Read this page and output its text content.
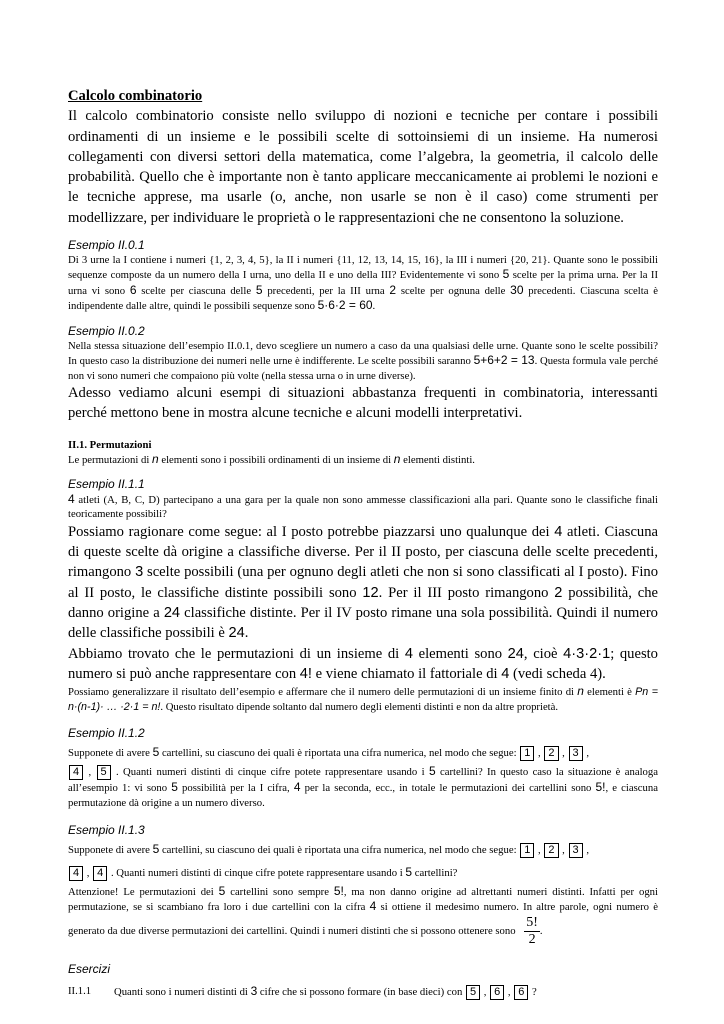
Calcolo combinatorio
Il calcolo combinatorio consiste nello sviluppo di nozioni e tecniche per contare i possibili ordinamenti di un insieme e le possibili scelte di sottoinsiemi di un insieme. Ha numerosi collegamenti con diversi settori della matematica, come l’algebra, la geometria, il calcolo delle probabilità. Quello che è importante non è tanto applicare meccanicamente ai problemi le nozioni e le tecniche apprese, ma usarle (o, anche, non usarle se non è il caso) come strumenti per modellizzare, per individuare le proprietà o le rappresentazioni che ne consentono la soluzione.

Esempio II.0.1

Di 3 urne la I contiene i numeri {1, 2, 3, 4, 5}, la II i numeri {11, 12, 13, 14, 15, 16}, la III i numeri {20, 21}. Quante sono le possibili sequenze composte da un numero della I urna, uno della II e uno della III? Evidentemente vi sono 5 scelte per la prima urna. Per la II urna vi sono 6 scelte per ciascuna delle 5 precedenti, per la III urna 2 scelte per ognuna delle 30 precedenti. Ciascuna scelta è indipendente dalle altre, quindi le possibili sequenze sono 5·6·2 = 60.

Esempio II.0.2

Nella stessa situazione dell’esempio II.0.1, devo scegliere un numero a caso da una qualsiasi delle urne. Quante sono le scelte possibili? In questo caso la distribuzione dei numeri nelle urne è indifferente. Le scelte possibili saranno 5+6+2 = 13. Questa formula vale perché non vi sono numeri che compaiono più volte (nella stessa urna o in urne diverse).

Adesso vediamo alcuni esempi di situazioni abbastanza frequenti in combinatoria, interessanti perché mettono bene in mostra alcune tecniche e alcuni modelli interpretativi.

II.1. Permutazioni

Le permutazioni di n elementi sono i possibili ordinamenti di un insieme di n elementi distinti.

Esempio II.1.1

4 atleti (A, B, C, D) partecipano a una gara per la quale non sono ammesse classificazioni alla pari. Quante sono le classifiche finali teoricamente possibili?

Possiamo ragionare come segue: al I posto potrebbe piazzarsi uno qualunque dei 4 atleti. Ciascuna di queste scelte dà origine a classifiche diverse. Per il II posto, per ciascuna delle scelte precedenti, rimangono 3 scelte possibili (una per ognuno degli atleti che non si sono classificati al I posto). Fino al II posto, le classifiche distinte possibili sono 12. Per il III posto rimangono 2 possibilità, che danno origine a 24 classifiche distinte. Per il IV posto rimane una sola possibilità. Quindi il numero delle classifiche possibili è 24.

Abbiamo trovato che le permutazioni di un insieme di 4 elementi sono 24, cioè 4·3·2·1; questo numero si può anche rappresentare con 4! e viene chiamato il fattoriale di 4 (vedi scheda 4).

Possiamo generalizzare il risultato dell’esempio e affermare che il numero delle permutazioni di un insieme finito di n elementi è Pn = n·(n-1)· … ·2·1 = n!. Questo risultato dipende soltanto dal numero degli elementi distinti e non da altre proprietà.

Esempio II.1.2

Supponete di avere 5 cartellini, su ciascuno dei quali è riportata una cifra numerica, nel modo che segue: 1 , 2 , 3 ,

4 , 5 . Quanti numeri distinti di cinque cifre potete rappresentare usando i 5 cartellini? In questo caso la situazione è analoga all’esempio 1: vi sono 5 possibilità per la I cifra, 4 per la seconda, ecc., in totale le permutazioni dei cartellini sono 5!, e ciascuna permutazione dà origine a un numero diverso.

Esempio II.1.3

Supponete di avere 5 cartellini, su ciascuno dei quali è riportata una cifra numerica, nel modo che segue: 1 , 2 , 3 ,

4 , 4 . Quanti numeri distinti di cinque cifre potete rappresentare usando i 5 cartellini?

Attenzione! Le permutazioni dei 5 cartellini sono sempre 5!, ma non danno origine ad altrettanti numeri distinti. Infatti per ogni permutazione, se si scambiano fra loro i due cartellini con la cifra 4 si ottiene il medesimo numero. In altre parole, ogni numero è generato da due diverse permutazioni dei cartellini. Quindi i numeri distinti che si possono ottenere sono $\frac{5!}{2}$ .

Esercizi
II.1.1	Quanti sono i numeri distinti di 3 cifre che si possono formare (in base dieci) con 5 , 6 , 6 ?
